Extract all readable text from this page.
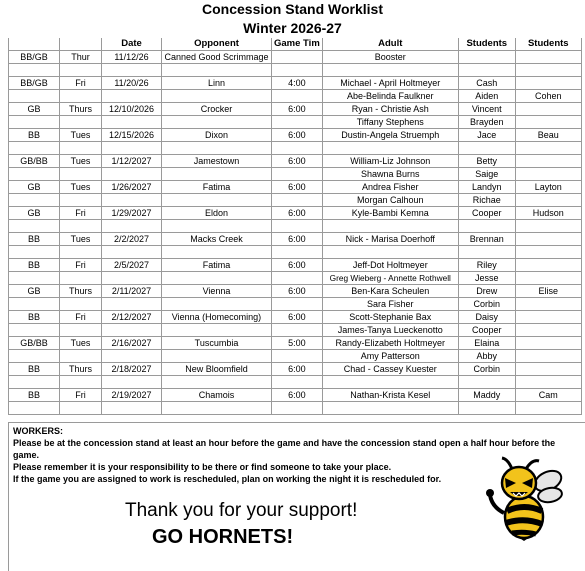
Concession Stand Worklist
Winter 2026-27
		Date	Opponent	Game Tim	Adult	Students	Students
BB/GB	Thur	11/12/26	Canned Good Scrimmage		Booster		

BB/GB	Fri	11/20/26	Linn	4:00	Michael - April Holtmeyer	Cash	
					Abe-Belinda Faulkner	Aiden	Cohen
GB	Thurs	12/10/2026	Crocker	6:00	Ryan - Christie Ash	Vincent	
					Tiffany Stephens	Brayden	
BB	Tues	12/15/2026	Dixon	6:00	Dustin-Angela Struemph	Jace	Beau

GB/BB	Tues	1/12/2027	Jamestown	6:00	William-Liz Johnson	Betty	
					Shawna Burns	Saige	
GB	Tues	1/26/2027	Fatima	6:00	Andrea Fisher	Landyn	Layton
					Morgan Calhoun	Richae	
GB	Fri	1/29/2027	Eldon	6:00	Kyle-Bambi Kemna	Cooper	Hudson

BB	Tues	2/2/2027	Macks Creek	6:00	Nick - Marisa Doerhoff	Brennan	

BB	Fri	2/5/2027	Fatima	6:00	Jeff-Dot Holtmeyer	Riley	
					Greg Wieberg - Annette Rothwell	Jesse	
GB	Thurs	2/11/2027	Vienna	6:00	Ben-Kara Scheulen	Drew	Elise
					Sara Fisher	Corbin	
BB	Fri	2/12/2027	Vienna (Homecoming)	6:00	Scott-Stephanie Bax	Daisy	
					James-Tanya Lueckenotto	Cooper	
GB/BB	Tues	2/16/2027	Tuscumbia	5:00	Randy-Elizabeth Holtmeyer	Elaina	
					Amy Patterson	Abby	
BB	Thurs	2/18/2027	New Bloomfield	6:00	Chad - Cassey Kuester	Corbin	

BB	Fri	2/19/2027	Chamois	6:00	Nathan-Krista Kesel	Maddy	Cam

WORKERS:
Please be at the concession stand at least an hour before the game and have the concession stand open a half hour before the game.
Please remember it is your responsibility to be there or find someone to take your place.
If the game you are assigned to work is rescheduled, plan on working the night it is rescheduled for.
Thank you for your support!
GO HORNETS!
